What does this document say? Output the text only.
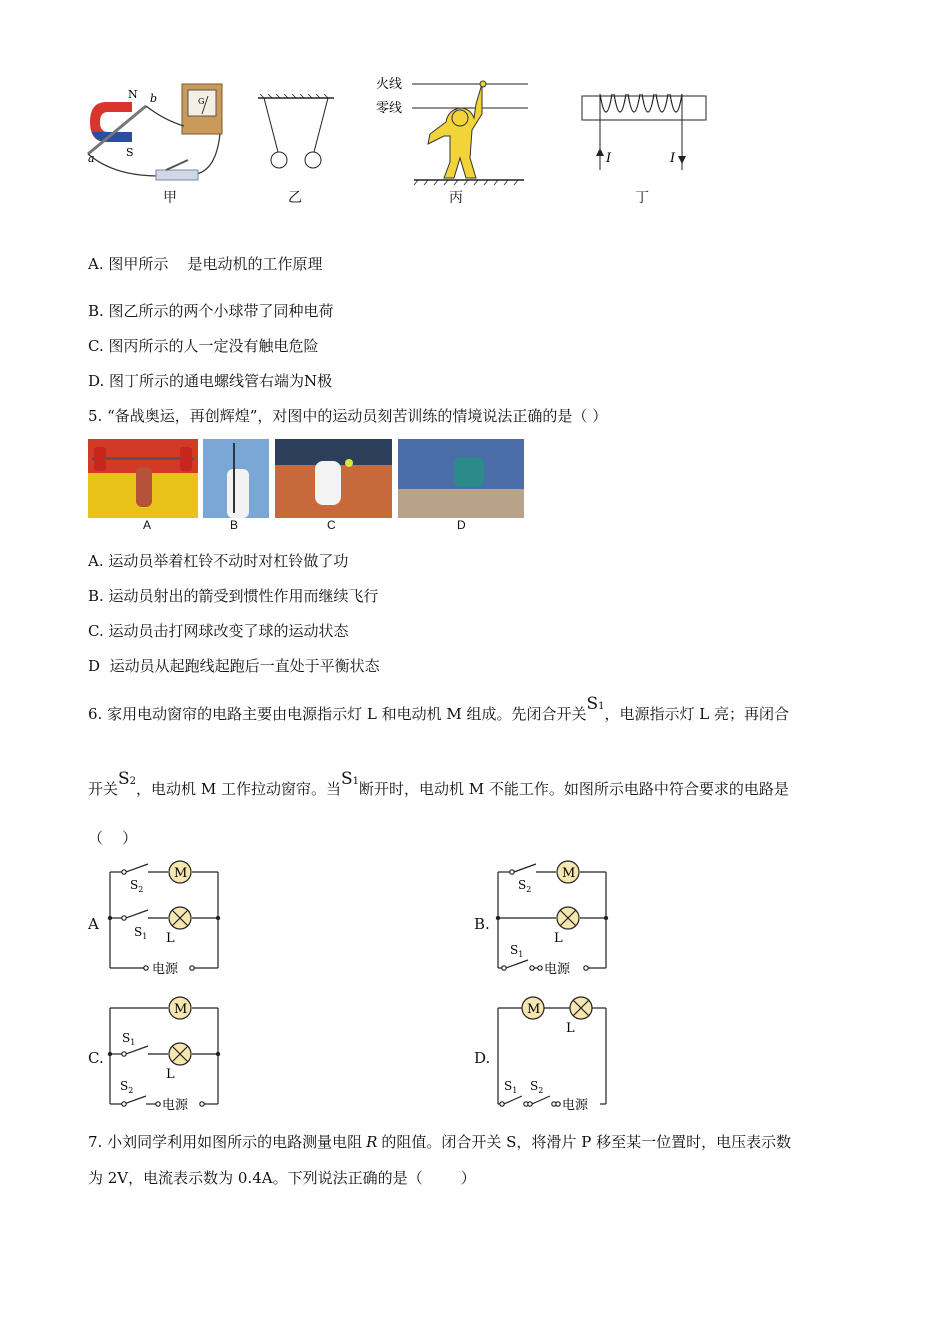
N
S
a
b	G
甲	乙
火线
零线
丙
I	I
丁
A. 图甲所示    是电动机的工作原理
B. 图乙所示的两个小球带了同种电荷
C. 图丙所示的人一定没有触电危险
D. 图丁所示的通电螺线管右端为N极
5. “备战奥运，再创辉煌”，对图中的运动员刻苦训练的情境说法正确的是（ ）
A	B	C	D
A. 运动员举着杠铃不动时对杠铃做了功
B. 运动员射出的箭受到惯性作用而继续飞行
C. 运动员击打网球改变了球的运动状态
D  运动员从起跑线起跑后一直处于平衡状态
6. 家用电动窗帘的电路主要由电源指示灯 L 和电动机 M 组成。先闭合开关S1，电源指示灯 L 亮；再闭合
开关S2，电动机 M 工作拉动窗帘。当S1断开时，电动机 M 不能工作。如图所示电路中符合要求的电路是
（    ）
A
M
L
电源
$S_2$
$S_1$
B.
M
L
电源
$S_2$
$S_1$
C.
M
L
电源
$S_1$
$S_2$
D.
M
L
电源
$S_1$ $S_2$
7. 小刘同学利用如图所示的电路测量电阻 R 的阻值。闭合开关 S，将滑片 P 移至某一位置时，电压表示数
为 2V，电流表示数为 0.4A。下列说法正确的是（        ）
